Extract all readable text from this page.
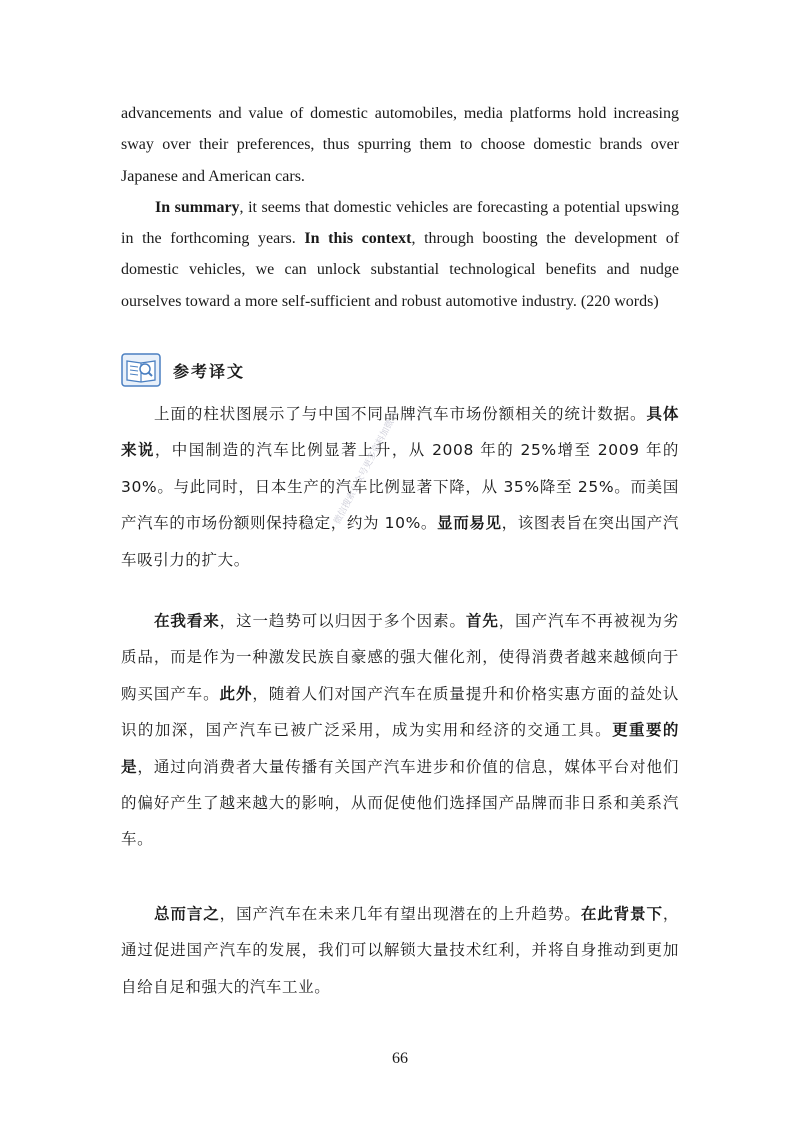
advancements and value of domestic automobiles, media platforms hold increasing sway over their preferences, thus spurring them to choose domestic brands over Japanese and American cars.

In summary, it seems that domestic vehicles are forecasting a potential upswing in the forthcoming years. In this context, through boosting the development of domestic vehicles, we can unlock substantial technological benefits and nudge ourselves toward a more self-sufficient and robust automotive industry. (220 words)

参考译文

上面的柱状图展示了与中国不同品牌汽车市场份额相关的统计数据。具体来说，中国制造的汽车比例显著上升，从 2008 年的 25%增至 2009 年的 30%。与此同时，日本生产的汽车比例显著下降，从 35%降至 25%。而美国产汽车的市场份额则保持稳定，约为 10%。显而易见，该图表旨在突出国产汽车吸引力的扩大。

在我看来，这一趋势可以归因于多个因素。首先，国产汽车不再被视为劣质品，而是作为一种激发民族自豪感的强大催化剂，使得消费者越来越倾向于购买国产车。此外，随着人们对国产汽车在质量提升和价格实惠方面的益处认识的加深，国产汽车已被广泛采用，成为实用和经济的交通工具。更重要的是，通过向消费者大量传播有关国产汽车进步和价值的信息，媒体平台对他们的偏好产生了越来越大的影响，从而促使他们选择国产品牌而非日系和美系汽车。

总而言之，国产汽车在未来几年有望出现潜在的上升趋势。在此背景下，通过促进国产汽车的发展，我们可以解锁大量技术红利，并将自身推动到更加自给自足和强大的汽车工业。

微信搜索公众号更多资料加微信
66
